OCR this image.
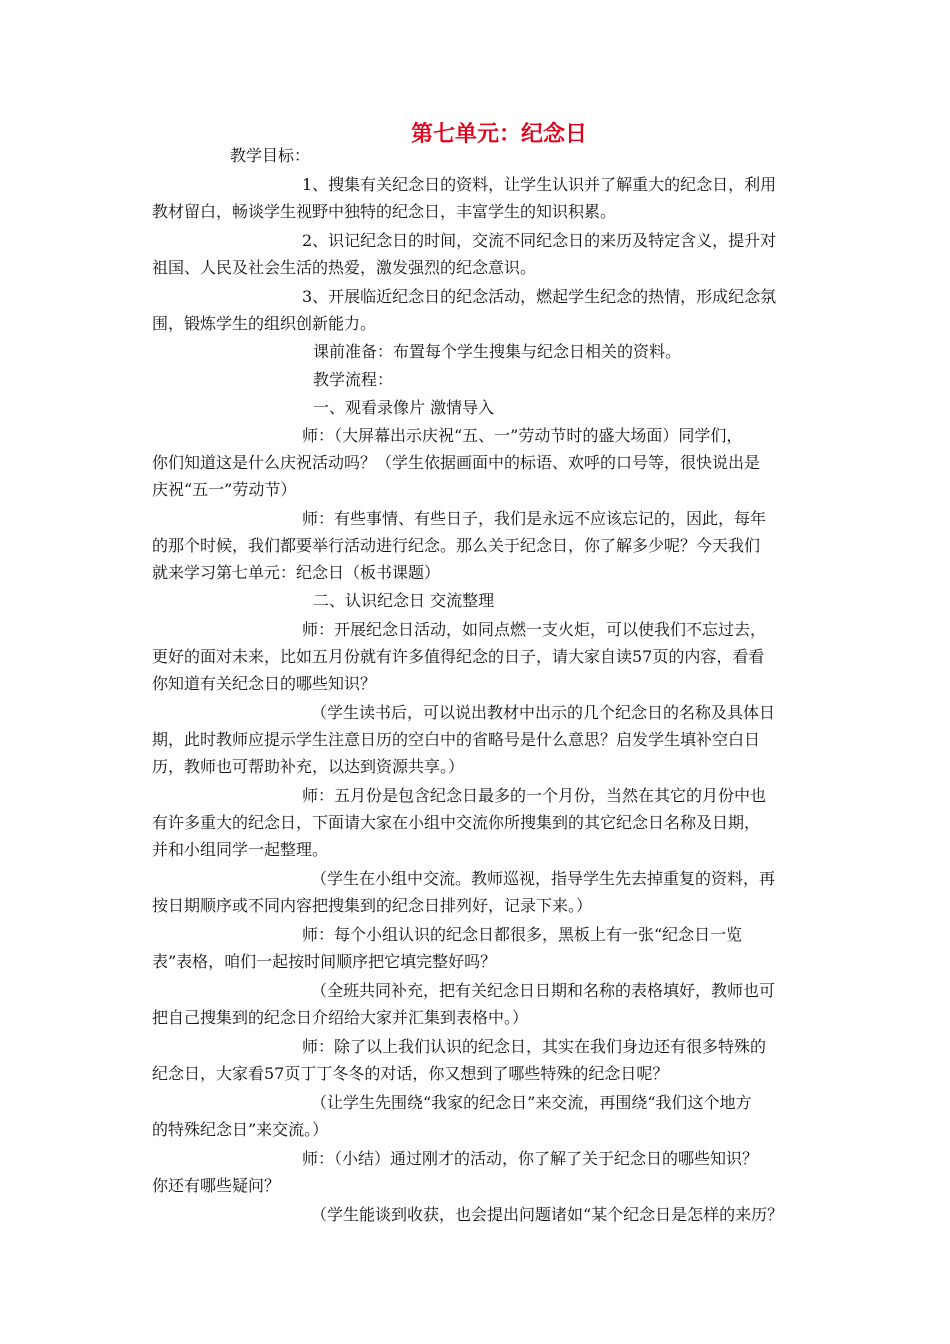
第七单元：纪念日
教学目标：
1、搜集有关纪念日的资料，让学生认识并了解重大的纪念日，利用
教材留白，畅谈学生视野中独特的纪念日，丰富学生的知识积累。
2、识记纪念日的时间，交流不同纪念日的来历及特定含义，提升对
祖国、人民及社会生活的热爱，激发强烈的纪念意识。
3、开展临近纪念日的纪念活动，燃起学生纪念的热情，形成纪念氛
围，锻炼学生的组织创新能力。
课前准备：布置每个学生搜集与纪念日相关的资料。
教学流程：
一、观看录像片 激情导入
师：（大屏幕出示庆祝“五、一”劳动节时的盛大场面）同学们，
你们知道这是什么庆祝活动吗？（学生依据画面中的标语、欢呼的口号等，很快说出是
庆祝“五一”劳动节）
师：有些事情、有些日子，我们是永远不应该忘记的，因此，每年
的那个时候，我们都要举行活动进行纪念。那么关于纪念日，你了解多少呢？今天我们
就来学习第七单元：纪念日（板书课题）
二、认识纪念日 交流整理
师：开展纪念日活动，如同点燃一支火炬，可以使我们不忘过去，
更好的面对未来，比如五月份就有许多值得纪念的日子，请大家自读57页的内容，看看
你知道有关纪念日的哪些知识？
（学生读书后，可以说出教材中出示的几个纪念日的名称及具体日
期，此时教师应提示学生注意日历的空白中的省略号是什么意思？启发学生填补空白日
历，教师也可帮助补充，以达到资源共享。）
师：五月份是包含纪念日最多的一个月份，当然在其它的月份中也
有许多重大的纪念日，下面请大家在小组中交流你所搜集到的其它纪念日名称及日期，
并和小组同学一起整理。
（学生在小组中交流。教师巡视，指导学生先去掉重复的资料，再
按日期顺序或不同内容把搜集到的纪念日排列好，记录下来。）
师：每个小组认识的纪念日都很多，黑板上有一张“纪念日一览
表”表格，咱们一起按时间顺序把它填完整好吗？
（全班共同补充，把有关纪念日日期和名称的表格填好，教师也可
把自己搜集到的纪念日介绍给大家并汇集到表格中。）
师：除了以上我们认识的纪念日，其实在我们身边还有很多特殊的
纪念日，大家看57页丁丁冬冬的对话，你又想到了哪些特殊的纪念日呢？
（让学生先围绕“我家的纪念日”来交流，再围绕“我们这个地方
的特殊纪念日”来交流。）
师：（小结）通过刚才的活动，你了解了关于纪念日的哪些知识？
你还有哪些疑问？
（学生能谈到收获，也会提出问题诸如“某个纪念日是怎样的来历？
